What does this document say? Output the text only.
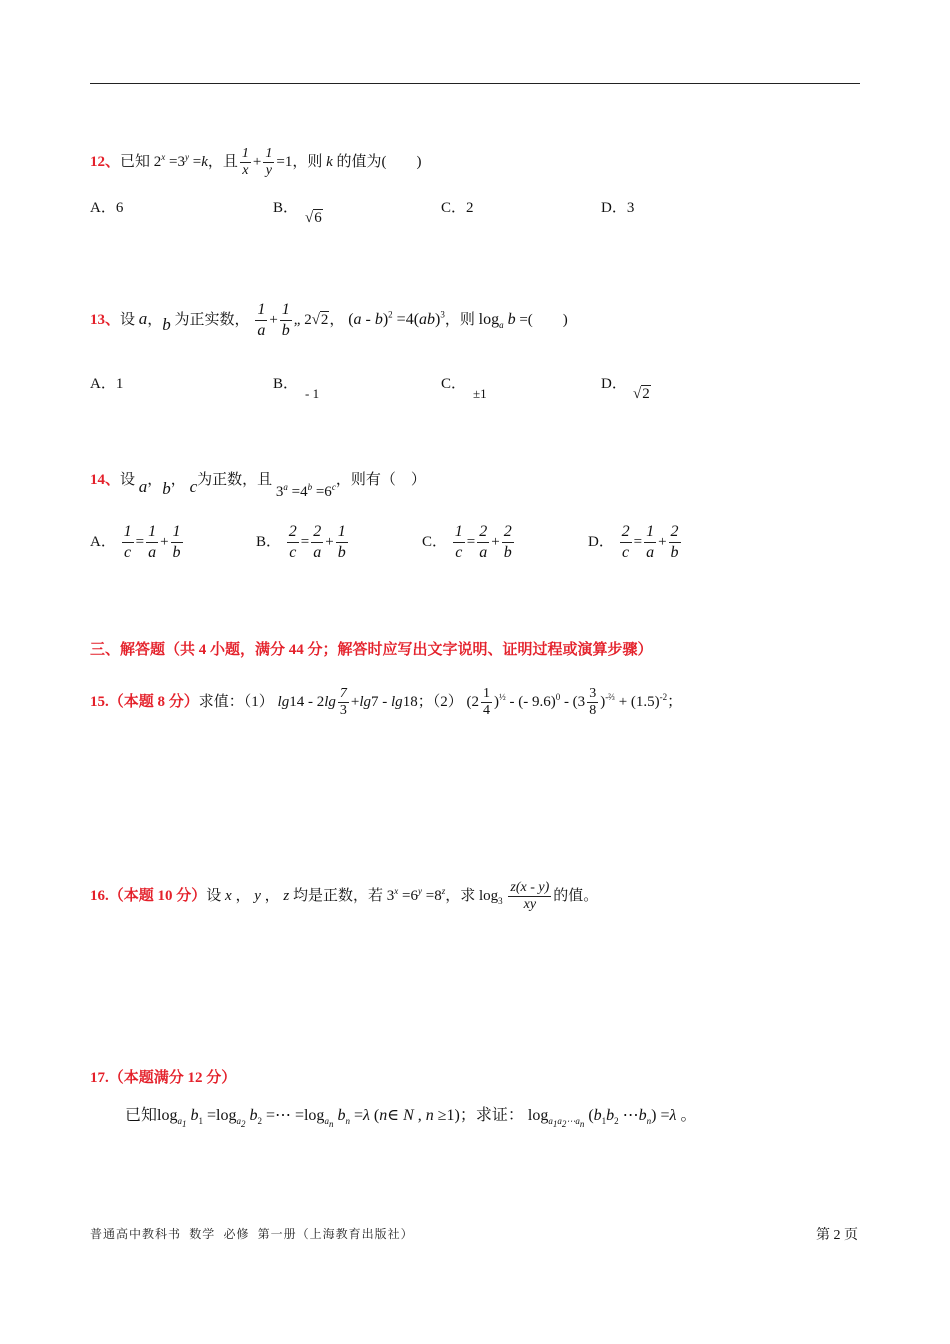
12、已知 $2^x =3^y =k$，且 $\frac{1}{x} + \frac{1}{y} =1$，则 k 的值为(　　)
A．6	B．
√6
C．2	D．3
13、设 a，b 为正实数， $\frac{1}{a} + \frac{1}{b}$ „ 2√2， (a - b)$^2$ =4(ab)$^3$，则 $\log_a b$ =(　　)
A．1	B．
- 1
C．
±1
D．
√2
14、设 a，b， c为正数，且 $3^a =4^b =6^c$，则有（　）
A． $\frac{1}{c} = \frac{1}{a} + \frac{1}{b}$	B． $\frac{2}{c} = \frac{2}{a} + \frac{1}{b}$	C． $\frac{1}{c} = \frac{2}{a} + \frac{2}{b}$	D． $\frac{2}{c} = \frac{1}{a} + \frac{2}{b}$
三、解答题（共 4 小题，满分 44 分；解答时应写出文字说明、证明过程或演算步骤）
15.（本题 8 分）求值：（1） $\lg 14 - 2\lg \frac{7}{3} +\lg 7 - \lg 18$；（2） $(2 \frac{1}{4} )^{\frac{1}{2}}$ - (- $9.6)^0 - (3 \frac{3}{8} )^{-\frac{2}{3}} + (1.5)^{-2}$；
16.（本题 10 分）设 x ， y ， z 均是正数，若 $3^x =6^y =8^z$，求 $\log_3 \frac{z(x - y)}{xy}$ 的值。
17.（本题满分 12 分）
已知$\log_{a_1} b_1 =\log_{a_2}$ $b_2$ =⋯ $=\log_{a_n}$ $b_n =\lambda$ (n∈ N , n ≥1)；求证： $\log_{a_1a_2\cdots a_n} (b_1b_2$ $\cdots b_n) =\lambda$ 。
普通高中教科书 数学 必修 第一册（上海教育出版社）	第 2 页
